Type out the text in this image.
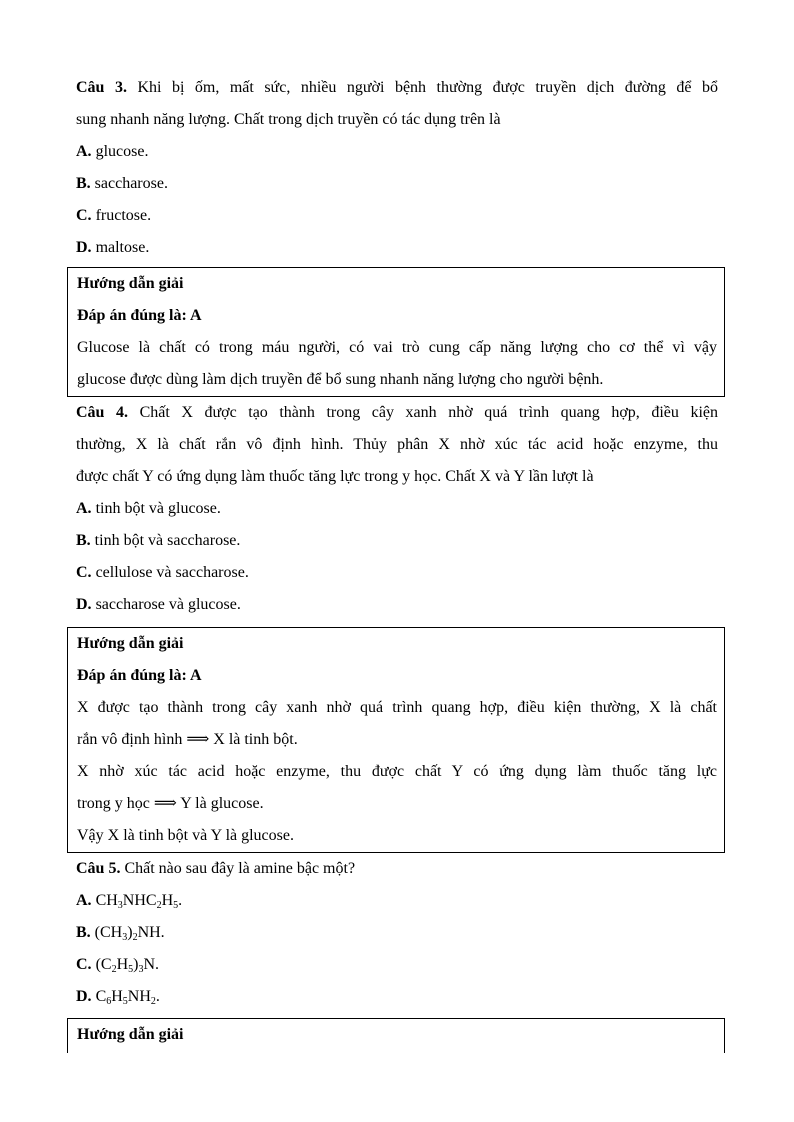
Câu 3. Khi bị ốm, mất sức, nhiều người bệnh thường được truyền dịch đường để bổ
sung nhanh năng lượng. Chất trong dịch truyền có tác dụng trên là
A. glucose.
B. saccharose.
C. fructose.
D. maltose.
Hướng dẫn giải
Đáp án đúng là: A
Glucose là chất có trong máu người, có vai trò cung cấp năng lượng cho cơ thể vì vậy
glucose được dùng làm dịch truyền để bổ sung nhanh năng lượng cho người bệnh.
Câu 4. Chất X được tạo thành trong cây xanh nhờ quá trình quang hợp, điều kiện
thường, X là chất rắn vô định hình. Thủy phân X nhờ xúc tác acid hoặc enzyme, thu
được chất Y có ứng dụng làm thuốc tăng lực trong y học. Chất X và Y lần lượt là
A. tinh bột và glucose.
B. tinh bột và saccharose.
C. cellulose và saccharose.
D. saccharose và glucose.
Hướng dẫn giải
Đáp án đúng là: A
X được tạo thành trong cây xanh nhờ quá trình quang hợp, điều kiện thường, X là chất
rắn vô định hình ⟹ X là tinh bột.
X nhờ xúc tác acid hoặc enzyme, thu được chất Y có ứng dụng làm thuốc tăng lực
trong y học ⟹ Y là glucose.
Vậy X là tinh bột và Y là glucose.
Câu 5. Chất nào sau đây là amine bậc một?
A. $CH_3NHC_2H_5$.
B. $(CH_3)_2NH$.
C. $(C_2H_5)_3N$.
D. $C_6H_5NH_2$.
Hướng dẫn giải
